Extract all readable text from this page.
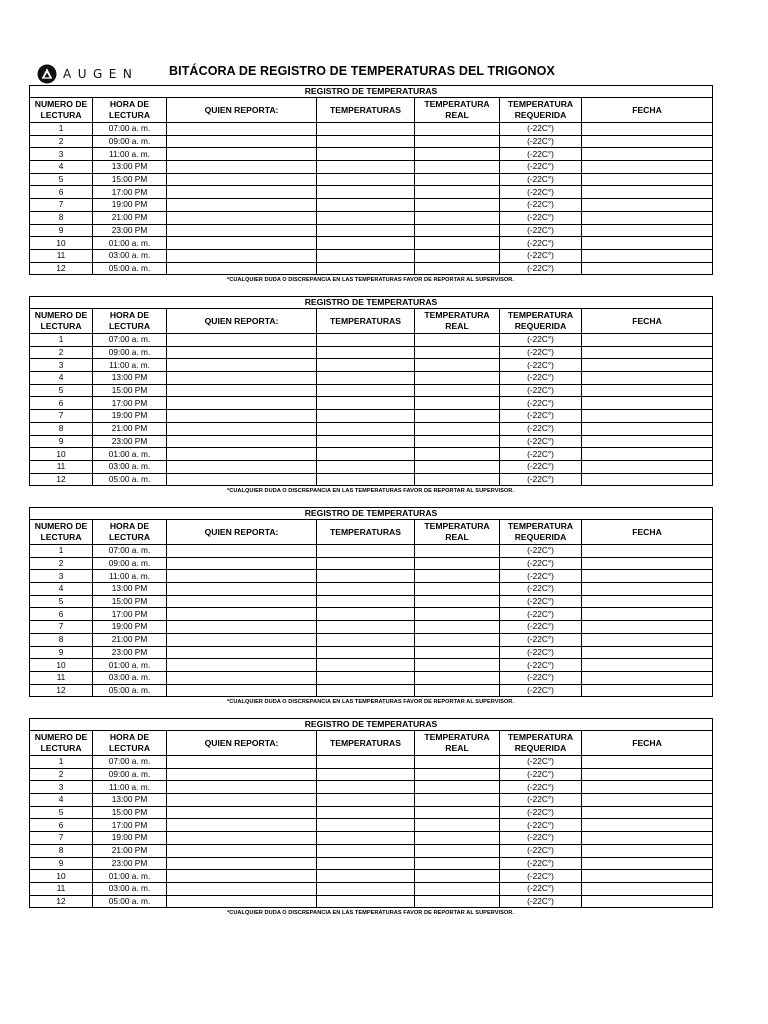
AUGEN BITÁCORA DE REGISTRO DE TEMPERATURAS DEL TRIGONOX
REGISTRO DE TEMPERATURAS						
NUMERO DE LECTURA	HORA DE LECTURA	QUIEN REPORTA:	TEMPERATURAS	TEMPERATURA REAL	TEMPERATURA REQUERIDA	FECHA
1	07:00 a. m.				(-22C°)	
2	09:00 a. m.				(-22C°)	
3	11:00 a. m.				(-22C°)	
4	13:00 PM				(-22C°)	
5	15:00 PM				(-22C°)	
6	17:00 PM				(-22C°)	
7	19:00 PM				(-22C°)	
8	21:00 PM				(-22C°)	
9	23:00 PM				(-22C°)	
10	01:00 a. m.				(-22C°)	
11	03:00 a. m.				(-22C°)	
12	05:00 a. m.				(-22C°)	
*CUALQUIER DUDA O DISCREPANCIA EN LAS TEMPERATURAS FAVOR DE REPORTAR AL SUPERVISOR.
REGISTRO DE TEMPERATURAS						
NUMERO DE LECTURA	HORA DE LECTURA	QUIEN REPORTA:	TEMPERATURAS	TEMPERATURA REAL	TEMPERATURA REQUERIDA	FECHA
1	07:00 a. m.				(-22C°)	
2	09:00 a. m.				(-22C°)	
3	11:00 a. m.				(-22C°)	
4	13:00 PM				(-22C°)	
5	15:00 PM				(-22C°)	
6	17:00 PM				(-22C°)	
7	19:00 PM				(-22C°)	
8	21:00 PM				(-22C°)	
9	23:00 PM				(-22C°)	
10	01:00 a. m.				(-22C°)	
11	03:00 a. m.				(-22C°)	
12	05:00 a. m.				(-22C°)	
*CUALQUIER DUDA O DISCREPANCIA EN LAS TEMPERATURAS FAVOR DE REPORTAR AL SUPERVISOR.
REGISTRO DE TEMPERATURAS						
NUMERO DE LECTURA	HORA DE LECTURA	QUIEN REPORTA:	TEMPERATURAS	TEMPERATURA REAL	TEMPERATURA REQUERIDA	FECHA
1	07:00 a. m.				(-22C°)	
2	09:00 a. m.				(-22C°)	
3	11:00 a. m.				(-22C°)	
4	13:00 PM				(-22C°)	
5	15:00 PM				(-22C°)	
6	17:00 PM				(-22C°)	
7	19:00 PM				(-22C°)	
8	21:00 PM				(-22C°)	
9	23:00 PM				(-22C°)	
10	01:00 a. m.				(-22C°)	
11	03:00 a. m.				(-22C°)	
12	05:00 a. m.				(-22C°)	
*CUALQUIER DUDA O DISCREPANCIA EN LAS TEMPERATURAS FAVOR DE REPORTAR AL SUPERVISOR.
REGISTRO DE TEMPERATURAS						
NUMERO DE LECTURA	HORA DE LECTURA	QUIEN REPORTA:	TEMPERATURAS	TEMPERATURA REAL	TEMPERATURA REQUERIDA	FECHA
1	07:00 a. m.				(-22C°)	
2	09:00 a. m.				(-22C°)	
3	11:00 a. m.				(-22C°)	
4	13:00 PM				(-22C°)	
5	15:00 PM				(-22C°)	
6	17:00 PM				(-22C°)	
7	19:00 PM				(-22C°)	
8	21:00 PM				(-22C°)	
9	23:00 PM				(-22C°)	
10	01:00 a. m.				(-22C°)	
11	03:00 a. m.				(-22C°)	
12	05:00 a. m.				(-22C°)	
*CUALQUIER DUDA O DISCREPANCIA EN LAS TEMPERATURAS FAVOR DE REPORTAR AL SUPERVISOR.
